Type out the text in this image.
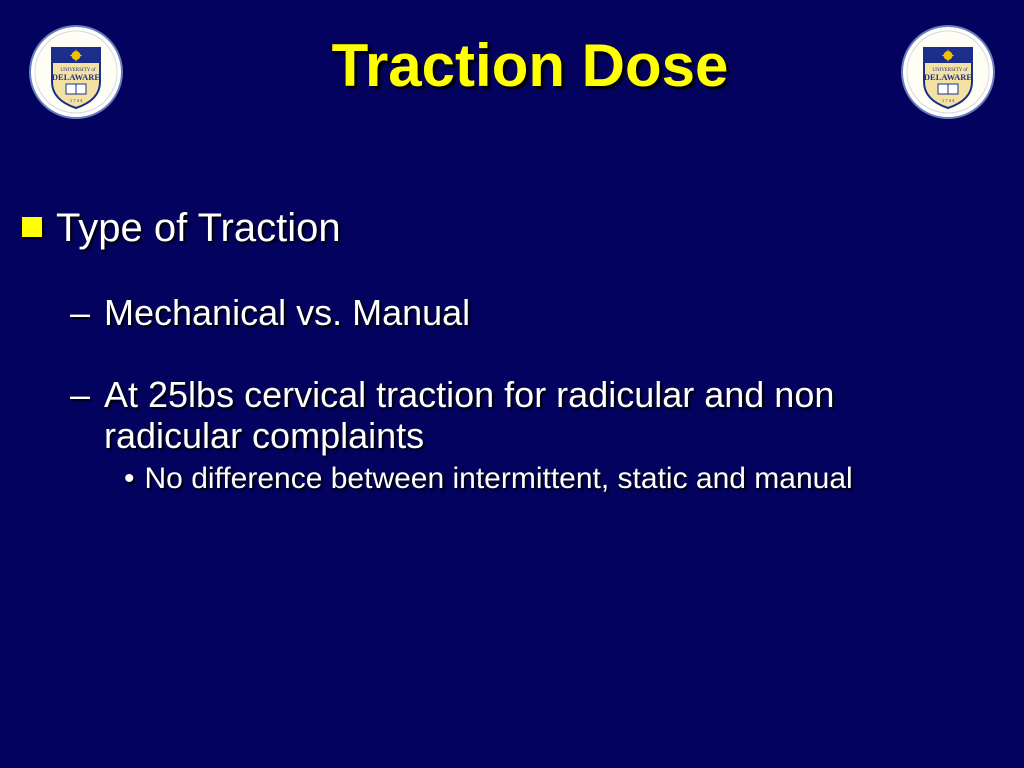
UNIVERSITY of
DELAWARE
1 7 4 3
UNIVERSITY of
DELAWARE
1 7 4 3
Traction Dose
Type of Traction
– Mechanical vs. Manual
– At 25lbs cervical traction for radicular and non radicular complaints
• No difference between intermittent, static and manual
